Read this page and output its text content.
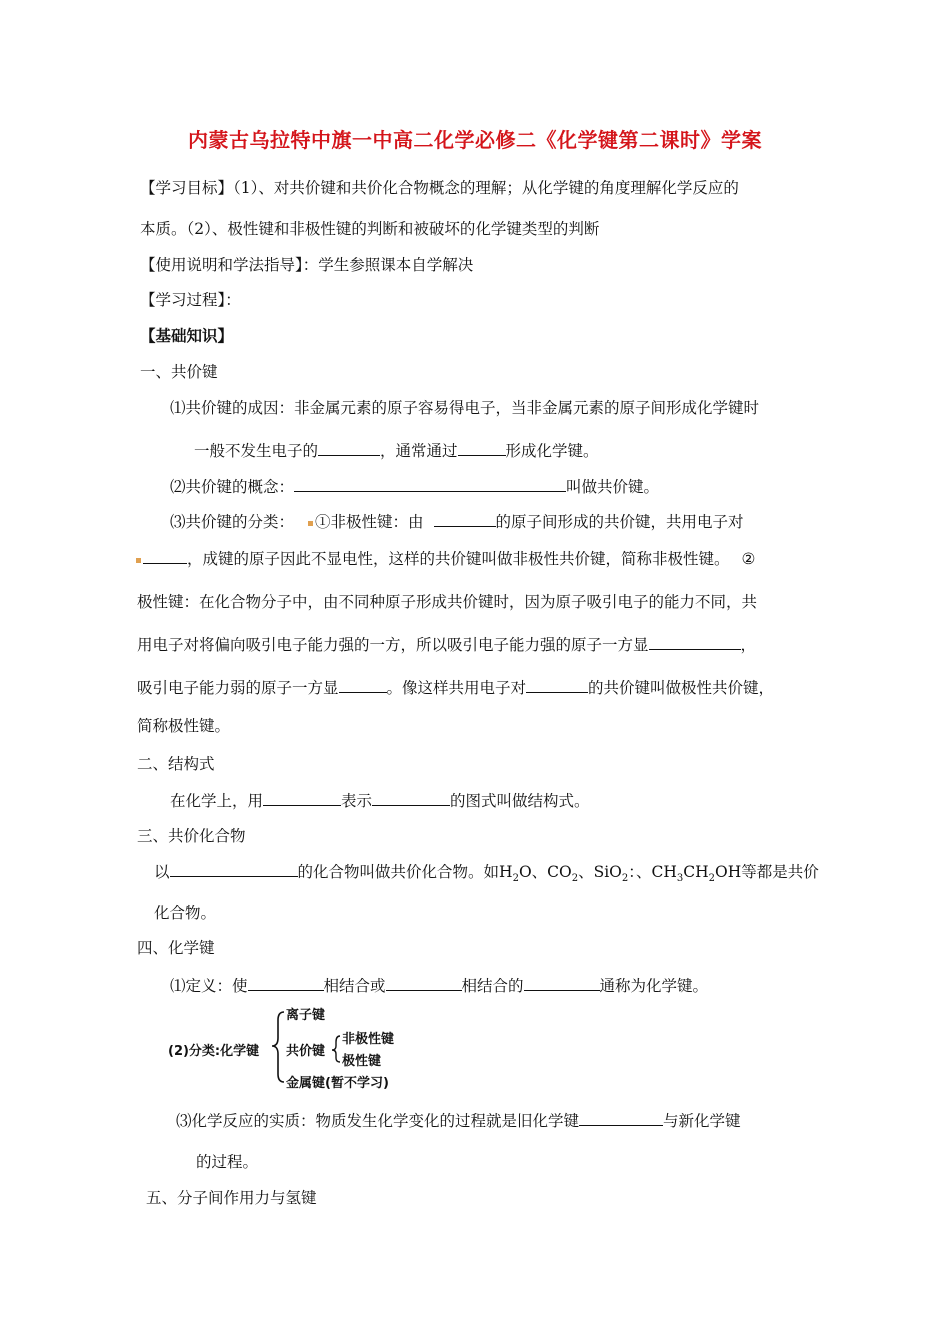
内蒙古乌拉特中旗一中高二化学必修二《化学键第二课时》学案
【学习目标】（1）、对共价键和共价化合物概念的理解；从化学键的角度理解化学反应的
本质。（2）、极性键和非极性键的判断和被破坏的化学键类型的判断
【使用说明和学法指导】：学生参照课本自学解决
【学习过程】：
【基础知识】
一、共价键
⑴共价键的成因：非金属元素的原子容易得电子，当非金属元素的原子间形成化学键时
一般不发生电子的	，通常通过	形成化学键。
⑵共价键的概念：	叫做共价键。
⑶共价键的分类： ①非极性键：由	的原子间形成的共价键，共用电子对
，成键的原子因此不显电性，这样的共价键叫做非极性共价键，简称非极性键。 ②
极性键：在化合物分子中，由不同种原子形成共价键时，因为原子吸引电子的能力不同，共
用电子对将偏向吸引电子能力强的一方，所以吸引电子能力强的原子一方显	，
吸引电子能力弱的原子一方显	。像这样共用电子对	的共价键叫做极性共价键，
简称极性键。
二、结构式
在化学上，用	表示	的图式叫做结构式。
三、共价化合物
以	的化合物叫做共价化合物。如$H_2O$、$CO_2$、SiO$_2$：、$CH_3CH_2OH$等都是共价
化合物。
四、化学键
⑴定义：使	相结合或	相结合的	通称为化学键。
(2)分类:化学键
离子键
共价键
非极性键
极性键
金属键(暂不学习)
⑶化学反应的实质：物质发生化学变化的过程就是旧化学键	与新化学键
的过程。
五、分子间作用力与氢键
